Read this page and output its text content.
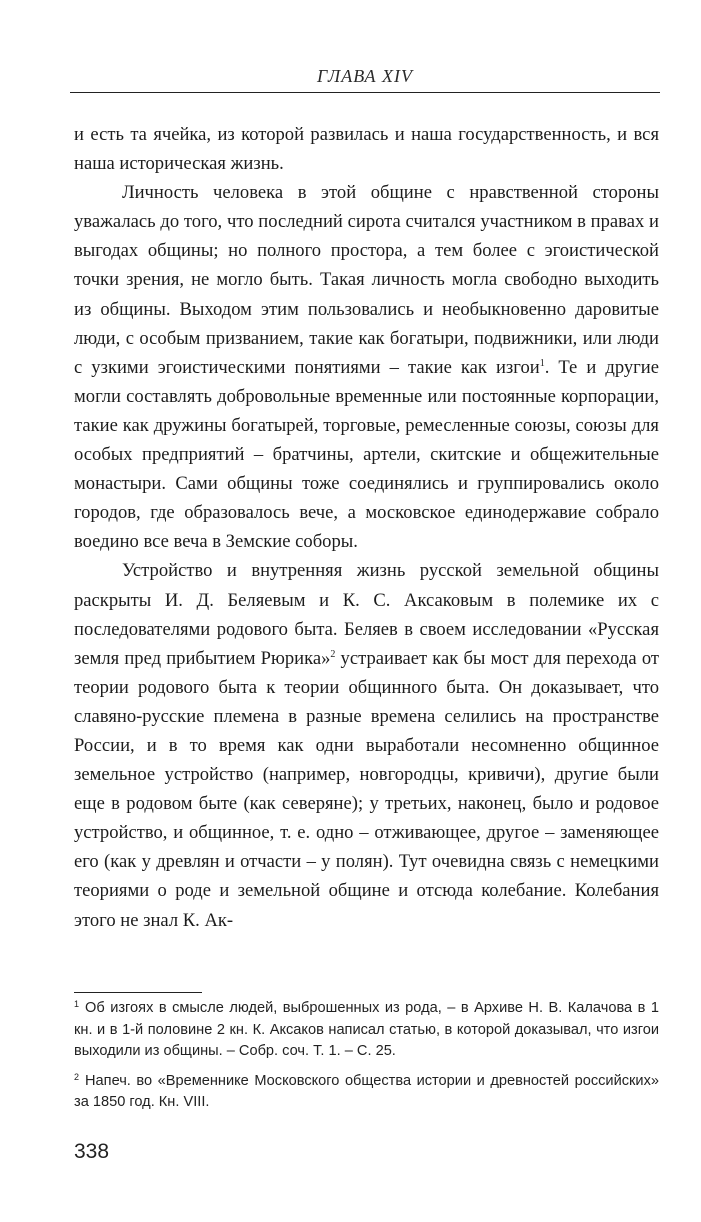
ГЛАВА XIV

и есть та ячейка, из которой развилась и наша государственность, и вся наша историческая жизнь.

Личность человека в этой общине с нравственной стороны уважалась до того, что последний сирота считался участником в правах и выгодах общины; но полного простора, а тем более с эгоистической точки зрения, не могло быть. Такая личность могла свободно выходить из общины. Выходом этим пользовались и необыкновенно даровитые люди, с особым призванием, такие как богатыри, подвижники, или люди с узкими эгоистическими понятиями – такие как изгои$^1$. Те и другие могли составлять добровольные временные или постоянные корпорации, такие как дружины богатырей, торговые, ремесленные союзы, союзы для особых предприятий – братчины, артели, скитские и общежительные монастыри. Сами общины тоже соединялись и группировались около городов, где образовалось вече, а московское единодержавие собрало воедино все веча в Земские соборы.

Устройство и внутренняя жизнь русской земельной общины раскрыты И. Д. Беляевым и К. С. Аксаковым в полемике их с последователями родового быта. Беляев в своем исследовании «Русская земля пред прибытием Рюрика»$^2$ устраивает как бы мост для перехода от теории родового быта к теории общинного быта. Он доказывает, что славяно-русские племена в разные времена селились на пространстве России, и в то время как одни выработали несомненно общинное земельное устройство (например, новгородцы, кривичи), другие были еще в родовом быте (как северяне); у третьих, наконец, было и родовое устройство, и общинное, т. е. одно – отживающее, другое – заменяющее его (как у древлян и отчасти – у полян). Тут очевидна связь с немецкими теориями о роде и земельной общине и отсюда колебание. Колебания этого не знал К. Ак-

$^1$ Об изгоях в смысле людей, выброшенных из рода, – в Архиве Н. В. Калачова в 1 кн. и в 1-й половине 2 кн. К. Аксаков написал статью, в которой доказывал, что изгои выходили из общины. – Собр. соч. Т. 1. – С. 25.
$^2$ Напеч. во «Временнике Московского общества истории и древностей российских» за 1850 год. Кн. VIII.
338
